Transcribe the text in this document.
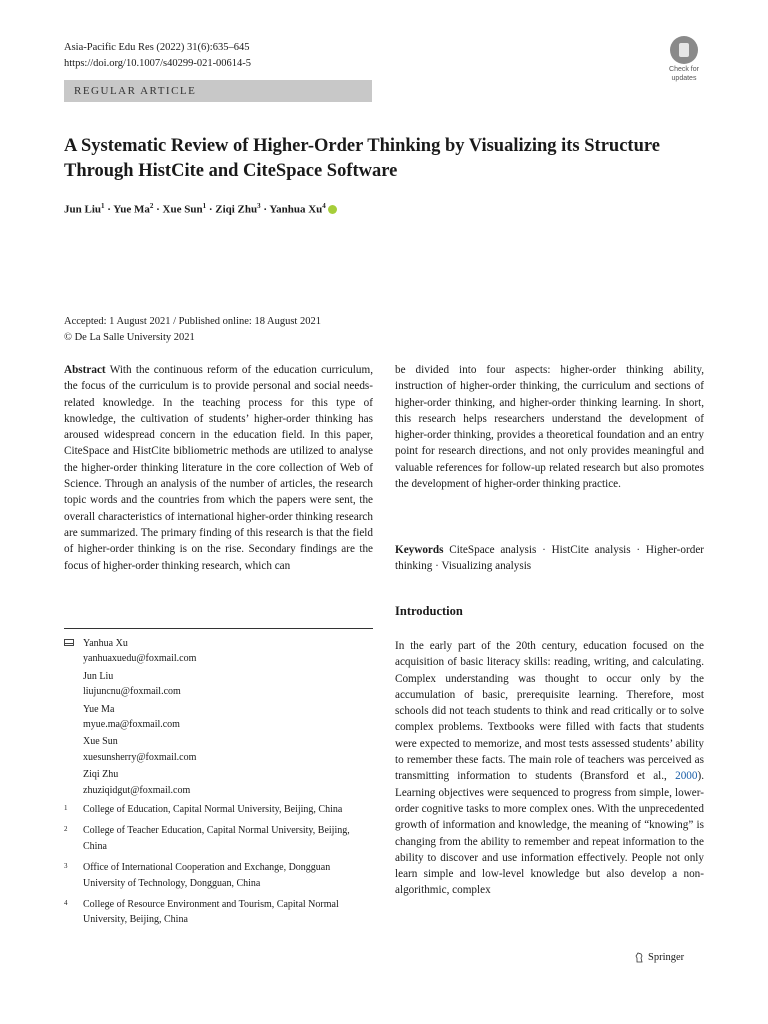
Asia-Pacific Edu Res (2022) 31(6):635–645
https://doi.org/10.1007/s40299-021-00614-5
Check for
updates
REGULAR ARTICLE
A Systematic Review of Higher-Order Thinking by Visualizing its Structure Through HistCite and CiteSpace Software
Jun Liu$^1$ · Yue $Ma^2$ · Xue Sun$^1$ · Ziqi Zhu$^3$ · Yanhua Xu$^4$
Accepted: 1 August 2021 / Published online: 18 August 2021
© De La Salle University 2021
Abstract With the continuous reform of the education curriculum, the focus of the curriculum is to provide personal and social needs-related knowledge. In the teaching process for this type of knowledge, the cultivation of students’ higher-order thinking has aroused widespread concern in the education field. In this paper, CiteSpace and HistCite bibliometric methods are utilized to analyse the higher-order thinking literature in the core collection of Web of Science. Through an analysis of the number of articles, the research topic words and the countries from which the papers were sent, the overall characteristics of international higher-order thinking research are summarized. The primary finding of this research is that the field of higher-order thinking is on the rise. Secondary findings are the focus of higher-order thinking research, which can
be divided into four aspects: higher-order thinking ability, instruction of higher-order thinking, the curriculum and sections of higher-order thinking, and higher-order thinking learning. In short, this research helps researchers understand the development of higher-order thinking, provides a theoretical foundation and an entry point for research directions, and not only provides meaningful and valuable references for follow-up related research but also promotes the development of higher-order thinking practice.
Keywords CiteSpace analysis · HistCite analysis · Higher-order thinking · Visualizing analysis
Introduction
In the early part of the 20th century, education focused on the acquisition of basic literacy skills: reading, writing, and calculating. Complex understanding was thought to occur only by the accumulation of basic, prerequisite learning. Therefore, most schools did not teach students to think and read critically or to solve complex problems. Textbooks were filled with facts that students were expected to memorize, and most tests assessed students’ ability to remember these facts. The main role of teachers was perceived as transmitting information to students (Bransford et al., 2000). Learning objectives were sequenced to progress from simple, lower-order cognitive tasks to more complex ones. With the unprecedented growth of information and knowledge, the meaning of “knowing” is changing from the ability to remember and repeat information to the ability to discover and use information effectively. People not only learn simple and low-level knowledge but also develop a non-algorithmic, complex
Yanhua Xu
yanhuaxuedu@foxmail.com
Jun Liu
liujuncnu@foxmail.com
Yue Ma
myue.ma@foxmail.com
Xue Sun
xuesunsherry@foxmail.com
Ziqi Zhu
zhuziqidgut@foxmail.com
1	College of Education, Capital Normal University, Beijing, China
2	College of Teacher Education, Capital Normal University, Beijing, China
3	Office of International Cooperation and Exchange, Dongguan University of Technology, Dongguan, China
4	College of Resource Environment and Tourism, Capital Normal University, Beijing, China
Springer
